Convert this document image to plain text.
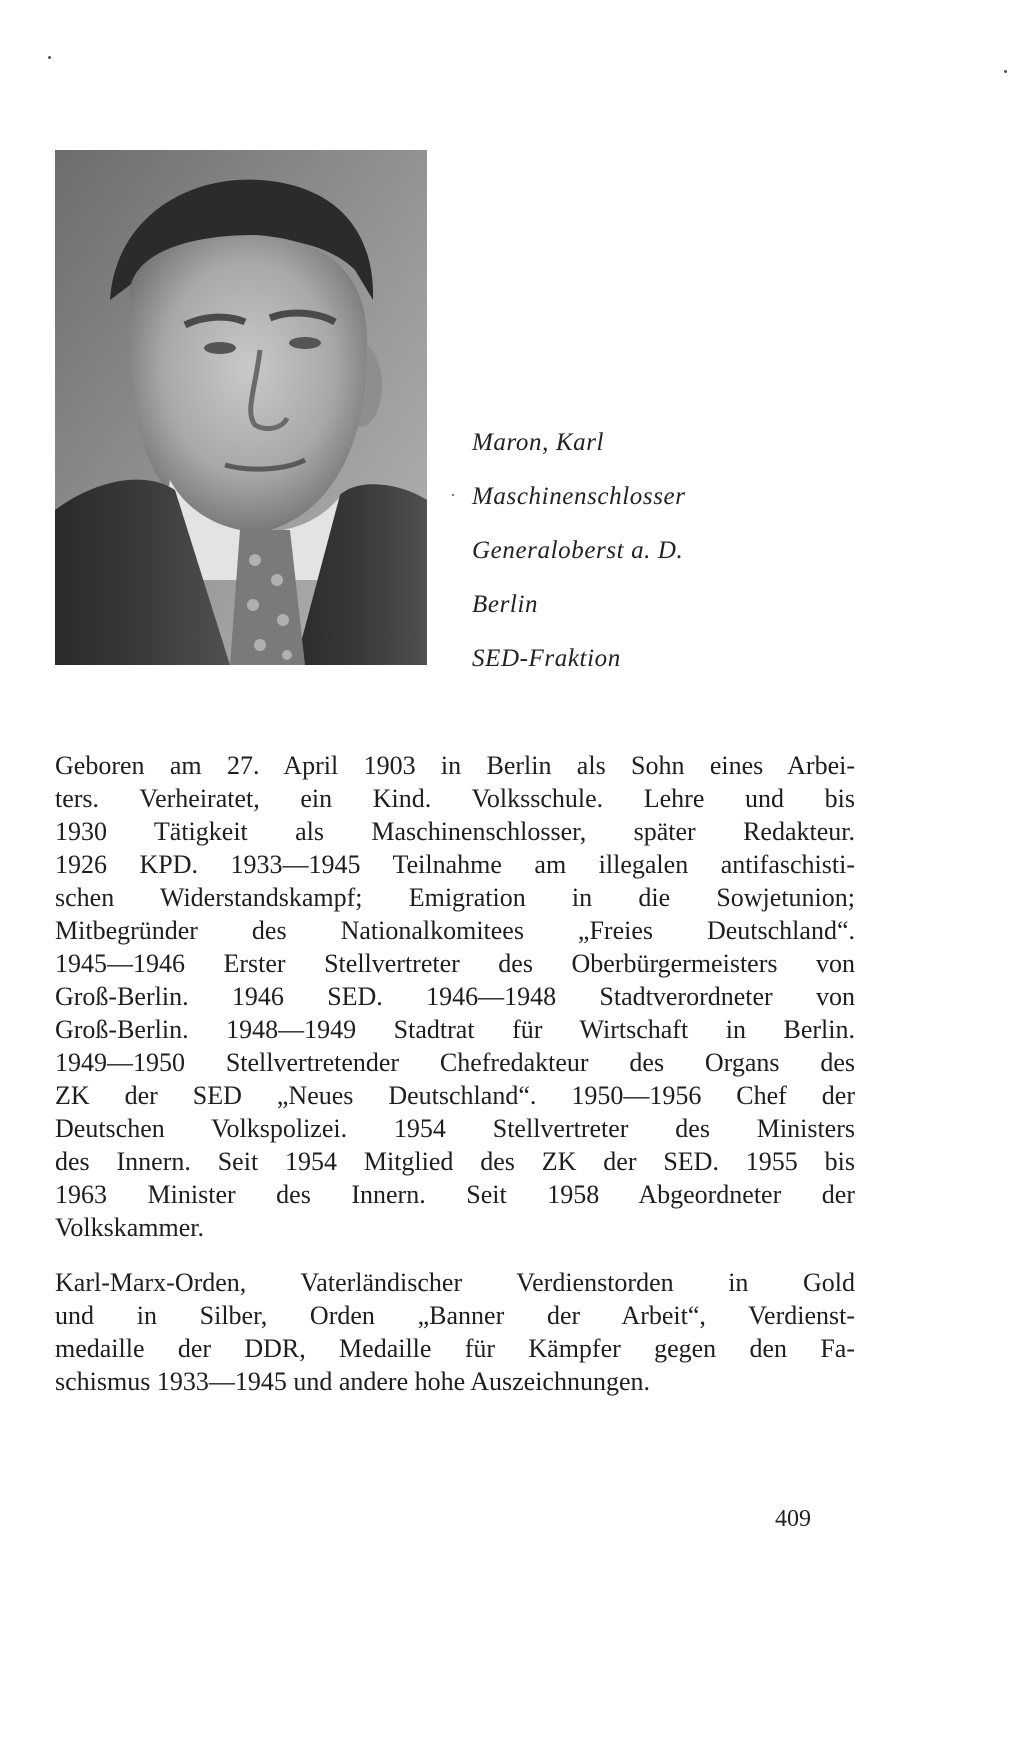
Maron, Karl
Maschinenschlosser
Generaloberst a. D.
Berlin
SED-Fraktion

Geboren am 27. April 1903 in Berlin als Sohn eines Arbei-
ters. Verheiratet, ein Kind. Volksschule. Lehre und bis
1930 Tätigkeit als Maschinenschlosser, später Redakteur.
1926 KPD. 1933—1945 Teilnahme am illegalen antifaschisti-
schen Widerstandskampf; Emigration in die Sowjetunion;
Mitbegründer des Nationalkomitees „Freies Deutschland“.
1945—1946 Erster Stellvertreter des Oberbürgermeisters von
Groß-Berlin. 1946 SED. 1946—1948 Stadtverordneter von
Groß-Berlin. 1948—1949 Stadtrat für Wirtschaft in Berlin.
1949—1950 Stellvertretender Chefredakteur des Organs des
ZK der SED „Neues Deutschland“. 1950—1956 Chef der
Deutschen Volkspolizei. 1954 Stellvertreter des Ministers
des Innern. Seit 1954 Mitglied des ZK der SED. 1955 bis
1963 Minister des Innern. Seit 1958 Abgeordneter der
Volkskammer.

Karl-Marx-Orden, Vaterländischer Verdienstorden in Gold
und in Silber, Orden „Banner der Arbeit“, Verdienst-
medaille der DDR, Medaille für Kämpfer gegen den Fa-
schismus 1933—1945 und andere hohe Auszeichnungen.

409
